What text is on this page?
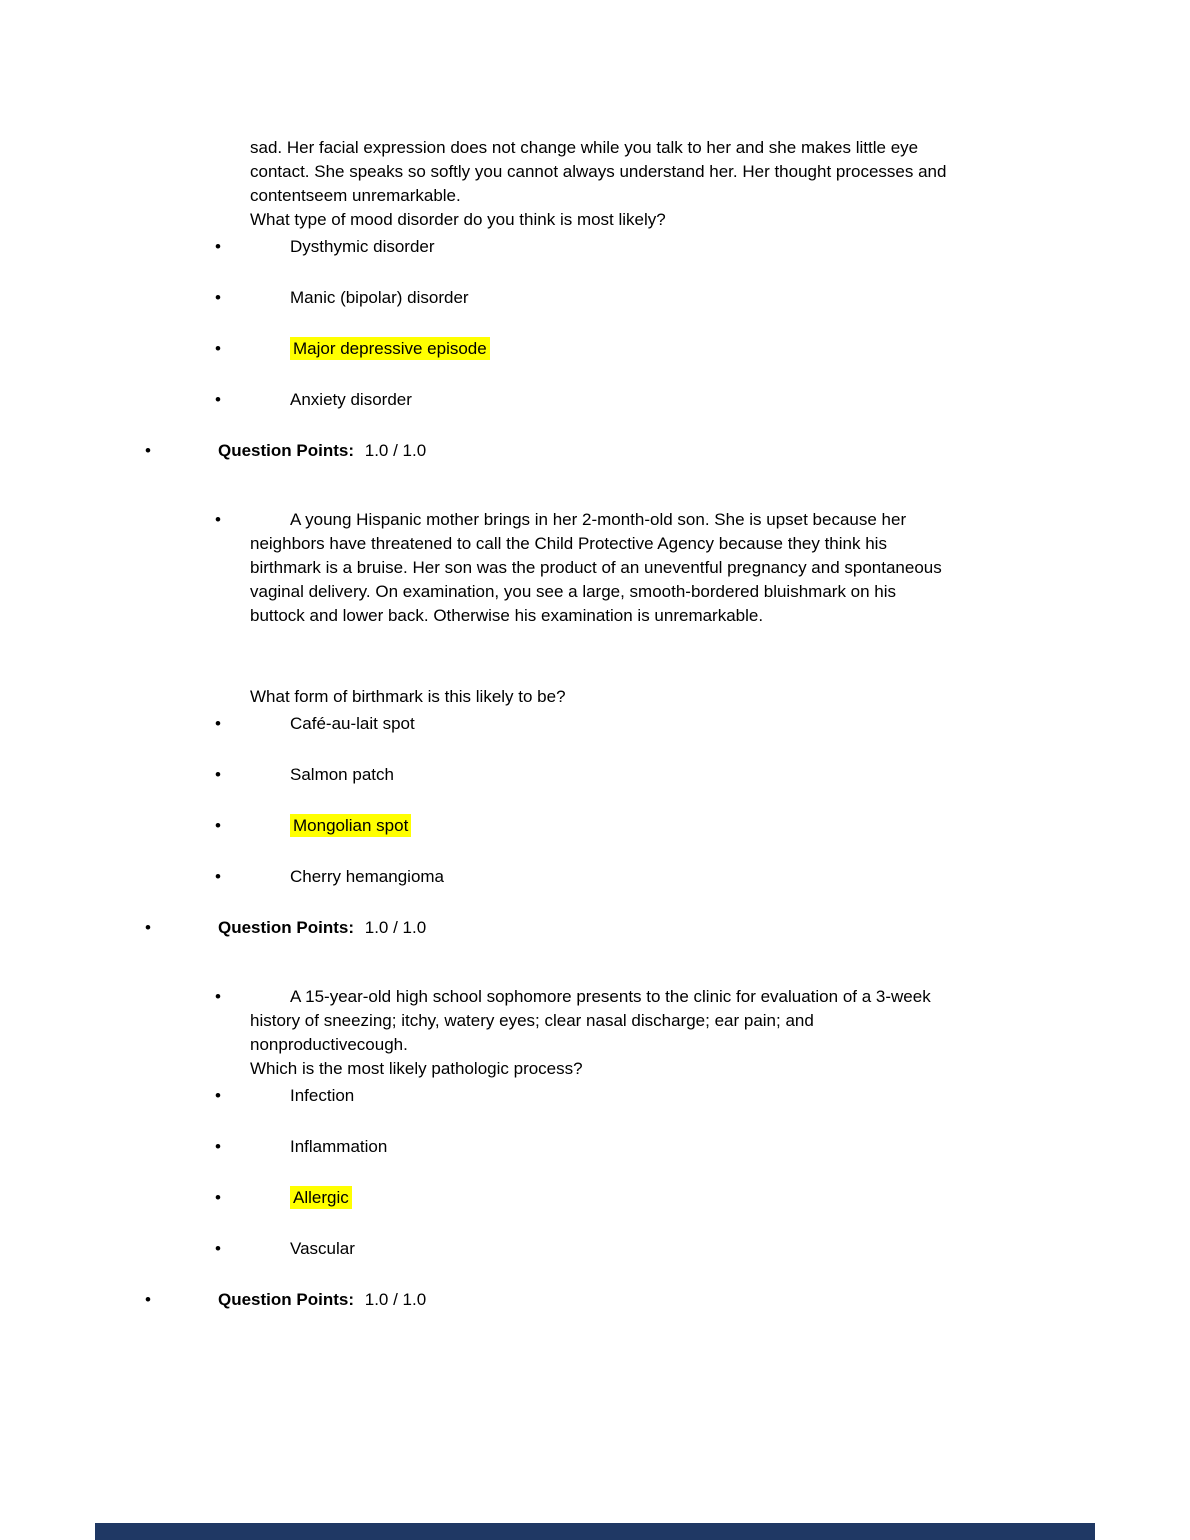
sad. Her facial expression does not change while you talk to her and she makes little eye contact. She speaks so softly you cannot always understand her. Her thought processes and contentseem unremarkable.

What type of mood disorder do you think is most likely?

•	Dysthymic disorder
•	Manic (bipolar) disorder
•	Major depressive episode
•	Anxiety disorder
•	Question Points: 1.0 / 1.0

•	A young Hispanic mother brings in her 2-month-old son. She is upset because her neighbors have threatened to call the Child Protective Agency because they think his birthmark is a bruise. Her son was the product of an uneventful pregnancy and spontaneous vaginal delivery. On examination, you see a large, smooth-bordered bluishmark on his buttock and lower back. Otherwise his examination is unremarkable.

What form of birthmark is this likely to be?

•	Café-au-lait spot
•	Salmon patch
•	Mongolian spot
•	Cherry hemangioma
•	Question Points: 1.0 / 1.0

•	A 15-year-old high school sophomore presents to the clinic for evaluation of a 3-week history of sneezing; itchy, watery eyes; clear nasal discharge; ear pain; and nonproductivecough.

Which is the most likely pathologic process?

•	Infection
•	Inflammation
•	Allergic
•	Vascular
•	Question Points: 1.0 / 1.0
